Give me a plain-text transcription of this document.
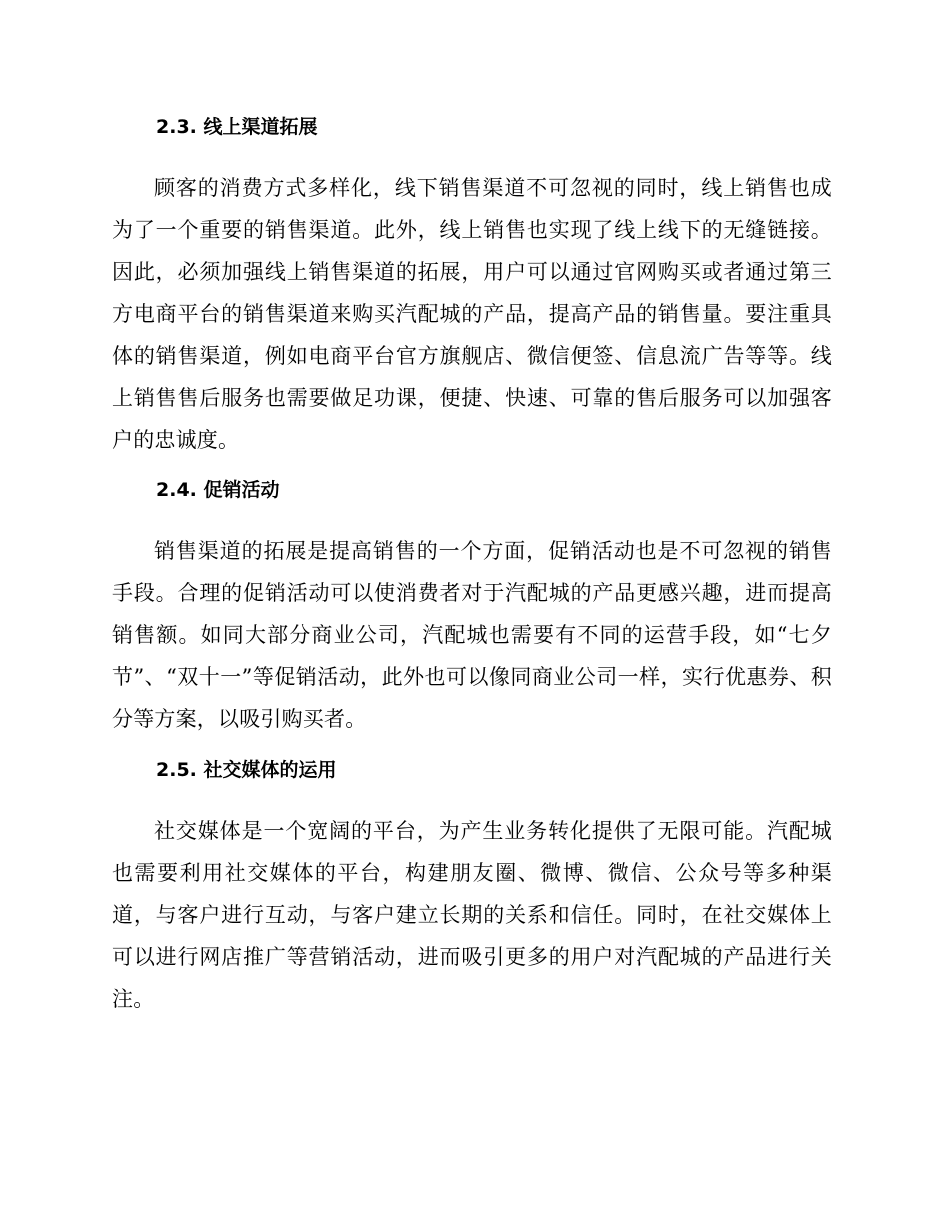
2.3. 线上渠道拓展

顾客的消费方式多样化，线下销售渠道不可忽视的同时，线上销售也成为了一个重要的销售渠道。此外，线上销售也实现了线上线下的无缝链接。因此，必须加强线上销售渠道的拓展，用户可以通过官网购买或者通过第三方电商平台的销售渠道来购买汽配城的产品，提高产品的销售量。要注重具体的销售渠道，例如电商平台官方旗舰店、微信便签、信息流广告等等。线上销售售后服务也需要做足功课，便捷、快速、可靠的售后服务可以加强客户的忠诚度。

2.4. 促销活动

销售渠道的拓展是提高销售的一个方面，促销活动也是不可忽视的销售手段。合理的促销活动可以使消费者对于汽配城的产品更感兴趣，进而提高销售额。如同大部分商业公司，汽配城也需要有不同的运营手段，如“七夕节”、“双十一”等促销活动，此外也可以像同商业公司一样，实行优惠券、积分等方案，以吸引购买者。

2.5. 社交媒体的运用

社交媒体是一个宽阔的平台，为产生业务转化提供了无限可能。汽配城也需要利用社交媒体的平台，构建朋友圈、微博、微信、公众号等多种渠道，与客户进行互动，与客户建立长期的关系和信任。同时，在社交媒体上可以进行网店推广等营销活动，进而吸引更多的用户对汽配城的产品进行关注。
